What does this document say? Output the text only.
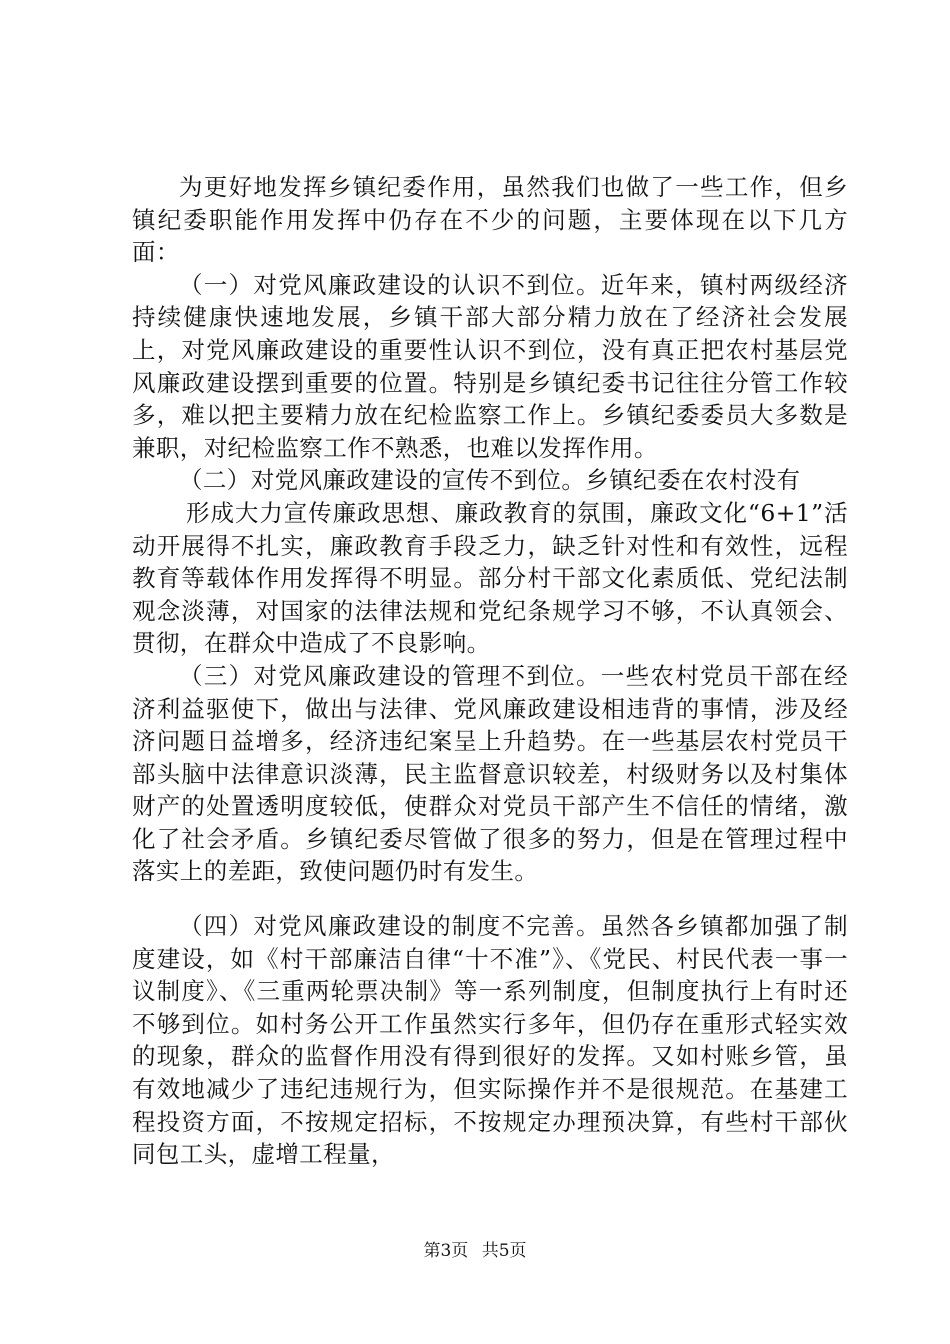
为更好地发挥乡镇纪委作用，虽然我们也做了一些工作，但乡镇纪委职能作用发挥中仍存在不少的问题，主要体现在以下几方面：

（一）对党风廉政建设的认识不到位。近年来，镇村两级经济持续健康快速地发展，乡镇干部大部分精力放在了经济社会发展上，对党风廉政建设的重要性认识不到位，没有真正把农村基层党风廉政建设摆到重要的位置。特别是乡镇纪委书记往往分管工作较多，难以把主要精力放在纪检监察工作上。乡镇纪委委员大多数是兼职，对纪检监察工作不熟悉，也难以发挥作用。

（二）对党风廉政建设的宣传不到位。乡镇纪委在农村没有

形成大力宣传廉政思想、廉政教育的氛围，廉政文化“6+1”活动开展得不扎实，廉政教育手段乏力，缺乏针对性和有效性，远程教育等载体作用发挥得不明显。部分村干部文化素质低、党纪法制观念淡薄，对国家的法律法规和党纪条规学习不够，不认真领会、贯彻，在群众中造成了不良影响。

（三）对党风廉政建设的管理不到位。一些农村党员干部在经济利益驱使下，做出与法律、党风廉政建设相违背的事情，涉及经济问题日益增多，经济违纪案呈上升趋势。在一些基层农村党员干部头脑中法律意识淡薄，民主监督意识较差，村级财务以及村集体财产的处置透明度较低，使群众对党员干部产生不信任的情绪，激化了社会矛盾。乡镇纪委尽管做了很多的努力，但是在管理过程中落实上的差距，致使问题仍时有发生。

（四）对党风廉政建设的制度不完善。虽然各乡镇都加强了制度建设，如《村干部廉洁自律“十不准”》、《党民、村民代表一事一议制度》、《三重两轮票决制》等一系列制度，但制度执行上有时还不够到位。如村务公开工作虽然实行多年，但仍存在重形式轻实效的现象，群众的监督作用没有得到很好的发挥。又如村账乡管，虽有效地减少了违纪违规行为，但实际操作并不是很规范。在基建工程投资方面，不按规定招标，不按规定办理预决算，有些村干部伙同包工头，虚增工程量，

第3页 共5页
